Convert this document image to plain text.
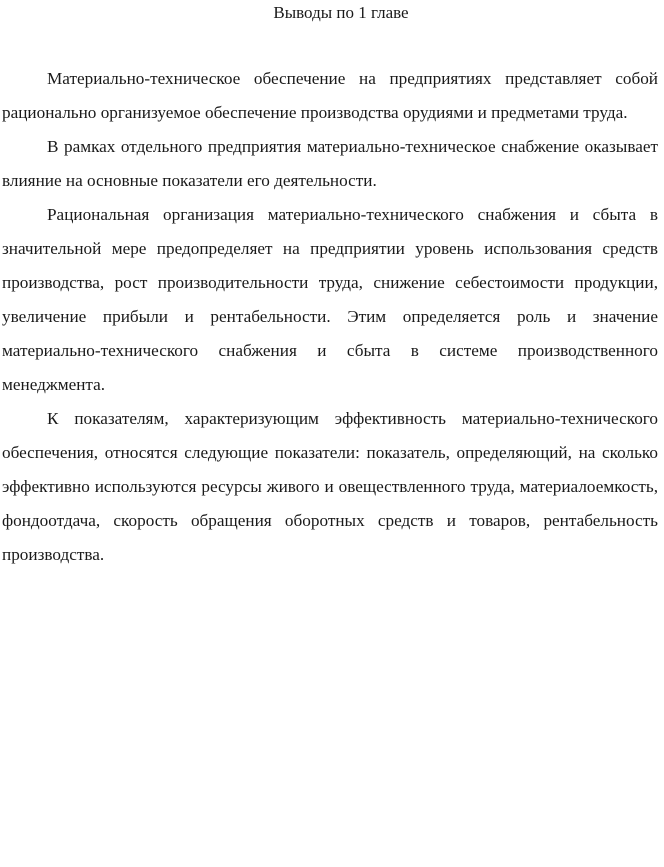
Выводы по 1 главе

Материально-техническое обеспечение на предприятиях представляет собой рационально организуемое обеспечение производства орудиями и предметами труда.

В рамках отдельного предприятия материально-техническое снабжение оказывает влияние на основные показатели его деятельности.

Рациональная организация материально-технического снабжения и сбыта в значительной мере предопределяет на предприятии уровень использования средств производства, рост производительности труда, снижение себестоимости продукции, увеличение прибыли и рентабельности. Этим определяется роль и значение материально-технического снабжения и сбыта в системе производственного менеджмента.

К показателям, характеризующим эффективность материально-технического обеспечения, относятся следующие показатели: показатель, определяющий, на сколько эффективно используются ресурсы живого и овеществленного труда, материалоемкость, фондоотдача, скорость обращения оборотных средств и товаров, рентабельность производства.
